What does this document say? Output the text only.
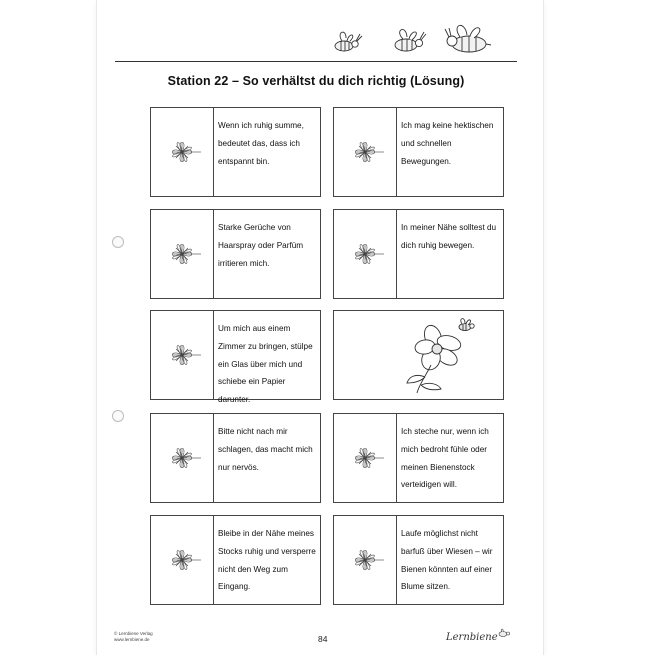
Station 22 – So verhältst du dich richtig (Lösung)
Wenn ich ruhig summe, bedeutet das, dass ich entspannt bin.
Ich mag keine hektischen und schnellen Bewegungen.
Starke Gerüche von Haarspray oder Parfüm irritieren mich.
In meiner Nähe solltest du dich ruhig bewegen.
Um mich aus einem Zimmer zu bringen, stülpe ein Glas über mich und schiebe ein Papier darunter.
Bitte nicht nach mir schlagen, das macht mich nur nervös.
Ich steche nur, wenn ich mich bedroht fühle oder meinen Bienenstock verteidigen will.
Bleibe in der Nähe meines Stocks ruhig und versperre nicht den Weg zum Eingang.
Laufe möglichst nicht barfuß über Wiesen – wir Bienen könnten auf einer Blume sitzen.
© Lernbiene Verlag
www.lernbiene.de	84	Lernbiene
